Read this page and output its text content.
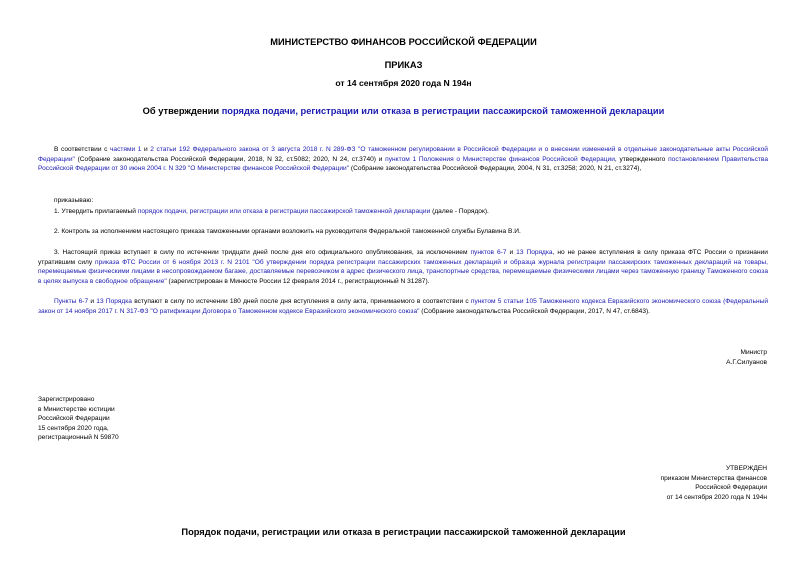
МИНИСТЕРСТВО ФИНАНСОВ РОССИЙСКОЙ ФЕДЕРАЦИИ
ПРИКАЗ
от 14 сентября 2020 года N 194н
Об утверждении порядка подачи, регистрации или отказа в регистрации пассажирской таможенной декларации
В соответствии с частями 1 и 2 статьи 192 Федерального закона от 3 августа 2018 г. N 289-ФЗ "О таможенном регулировании в Российской Федерации и о внесении изменений в отдельные законодательные акты Российской Федерации" (Собрание законодательства Российской Федерации, 2018, N 32, ст.5082; 2020, N 24, ст.3740) и пунктом 1 Положения о Министерстве финансов Российской Федерации, утвержденного постановлением Правительства Российской Федерации от 30 июня 2004 г. N 329 "О Министерстве финансов Российской Федерации" (Собрание законодательства Российской Федерации, 2004, N 31, ст.3258; 2020, N 21, ст.3274),
приказываю:
1. Утвердить прилагаемый порядок подачи, регистрации или отказа в регистрации пассажирской таможенной декларации (далее - Порядок).
2. Контроль за исполнением настоящего приказа таможенными органами возложить на руководителя Федеральной таможенной службы Булавина В.И.
3. Настоящий приказ вступает в силу по истечении тридцати дней после дня его официального опубликования, за исключением пунктов 6-7 и 13 Порядка, но не ранее вступления в силу приказа ФТС России о признании утратившим силу приказа ФТС России от 6 ноября 2013 г. N 2101 "Об утверждении порядка регистрации пассажирских таможенных деклараций и образца журнала регистрации пассажирских таможенных деклараций на товары, перемещаемые физическими лицами в несопровождаемом багаже, доставляемые перевозчиком в адрес физического лица, транспортные средства, перемещаемые физическими лицами через таможенную границу Таможенного союза в целях выпуска в свободное обращение" (зарегистрирован в Минюсте России 12 февраля 2014 г., регистрационный N 31287).
Пункты 6-7 и 13 Порядка вступают в силу по истечении 180 дней после дня вступления в силу акта, принимаемого в соответствии с пунктом 5 статьи 105 Таможенного кодекса Евразийского экономического союза (Федеральный закон от 14 ноября 2017 г. N 317-ФЗ "О ратификации Договора о Таможенном кодексе Евразийского экономического союза" (Собрание законодательства Российской Федерации, 2017, N 47, ст.6843).
Министр
А.Г.Силуанов
Зарегистрировано
в Министерстве юстиции
Российской Федерации
15 сентября 2020 года,
регистрационный N 59870
УТВЕРЖДЕН
приказом Министерства финансов
Российской Федерации
от 14 сентября 2020 года N 194н
Порядок подачи, регистрации или отказа в регистрации пассажирской таможенной декларации
